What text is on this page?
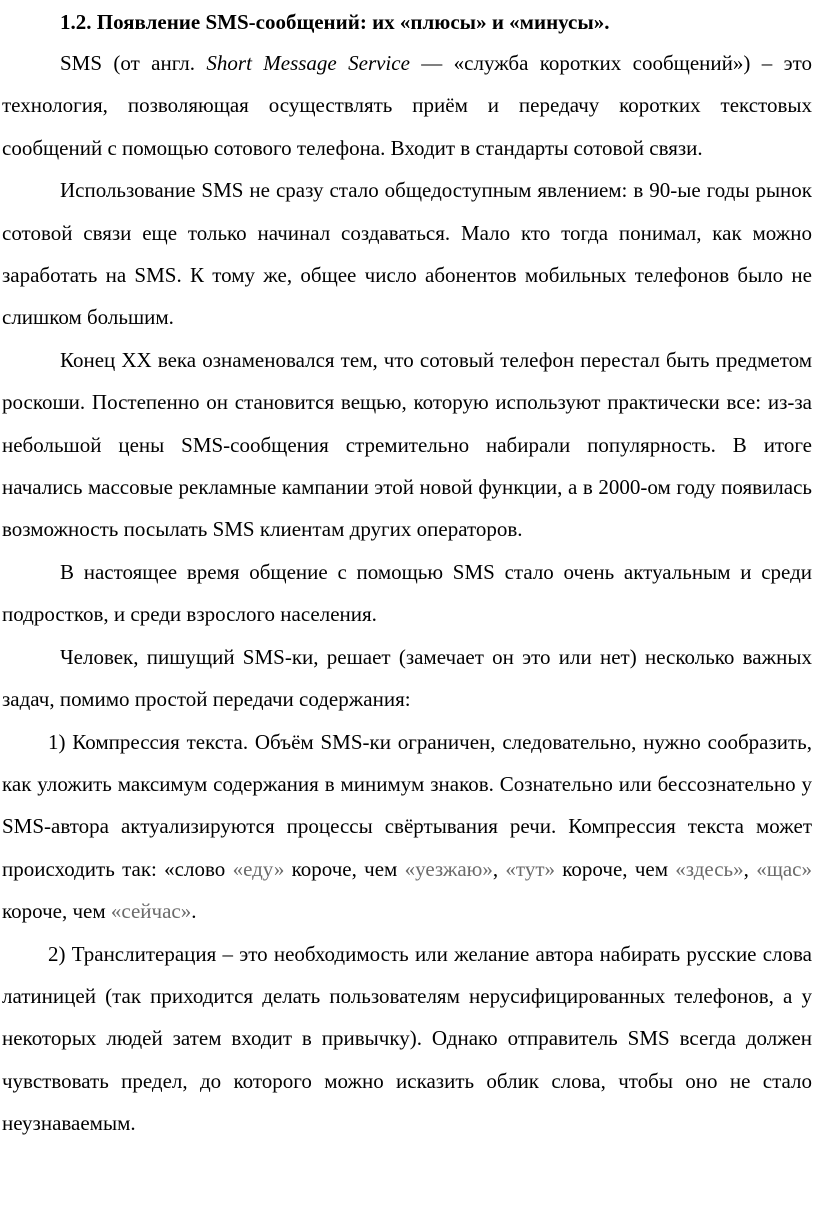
1.2. Появление SMS-сообщений: их «плюсы» и «минусы».

SMS (от англ. Short Message Service — «служба коротких сообщений») – это технология, позволяющая осуществлять приём и передачу коротких текстовых сообщений с помощью сотового телефона. Входит в стандарты сотовой связи.

Использование SMS не сразу стало общедоступным явлением: в 90-ые годы рынок сотовой связи еще только начинал создаваться. Мало кто тогда понимал, как можно заработать на SMS. К тому же, общее число абонентов мобильных телефонов было не слишком большим.

Конец XX века ознаменовался тем, что сотовый телефон перестал быть предметом роскоши. Постепенно он становится вещью, которую используют практически все: из-за небольшой цены SMS-сообщения стремительно набирали популярность. В итоге начались массовые рекламные кампании этой новой функции, а в 2000-ом году появилась возможность посылать SMS клиентам других операторов.

В настоящее время общение с помощью SMS стало очень актуальным и среди подростков, и среди взрослого населения.

Человек, пишущий SMS-ки, решает (замечает он это или нет) несколько важных задач, помимо простой передачи содержания:

1) Компрессия текста. Объём SMS-ки ограничен, следовательно, нужно сообразить, как уложить максимум содержания в минимум знаков. Сознательно или бессознательно у SMS-автора актуализируются процессы свёртывания речи. Компрессия текста может происходить так: «слово «еду» короче, чем «уезжаю», «тут» короче, чем «здесь», «щас» короче, чем «сейчас».

2) Транслитерация – это необходимость или желание автора набирать русские слова латиницей (так приходится делать пользователям нерусифицированных телефонов, а у некоторых людей затем входит в привычку). Однако отправитель SMS всегда должен чувствовать предел, до которого можно исказить облик слова, чтобы оно не стало неузнаваемым.
